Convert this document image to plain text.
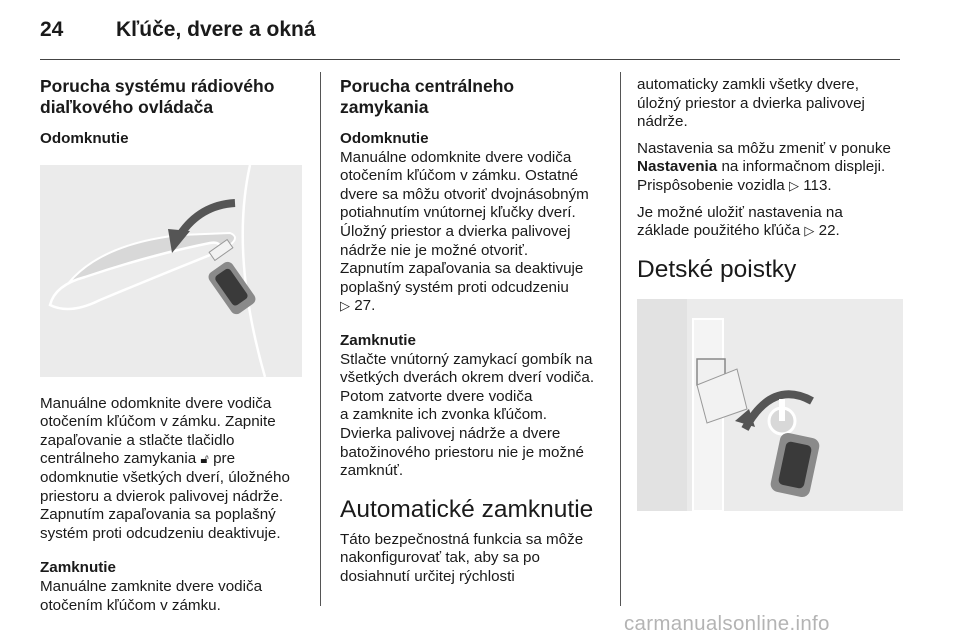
24	Kľúče, dvere a okná
Porucha systému rádiového
diaľkového ovládača
Odomknutie
Manuálne odomknite dvere vodiča
otočením kľúčom v zámku. Zapnite
zapaľovanie a stlačte tlačidlo
centrálneho zamykania 🔓︎ pre
odomknutie všetkých dverí, úložného
priestoru a dvierok palivovej nádrže.
Zapnutím zapaľovania sa poplašný
systém proti odcudzeniu deaktivuje.
Zamknutie
Manuálne zamknite dvere vodiča
otočením kľúčom v zámku.
Porucha centrálneho
zamykania
Odomknutie
Manuálne odomknite dvere vodiča
otočením kľúčom v zámku. Ostatné
dvere sa môžu otvoriť dvojnásobným
potiahnutím vnútornej kľučky dverí.
Úložný priestor a dvierka palivovej
nádrže nie je možné otvoriť.
Zapnutím zapaľovania sa deaktivuje
poplašný systém proti odcudzeniu
▷ 27.
Zamknutie
Stlačte vnútorný zamykací gombík na
všetkých dverách okrem dverí vodiča.
Potom zatvorte dvere vodiča
a zamknite ich zvonka kľúčom.
Dvierka palivovej nádrže a dvere
batožinového priestoru nie je možné
zamknúť.
Automatické zamknutie
Táto bezpečnostná funkcia sa môže
nakonfigurovať tak, aby sa po
dosiahnutí určitej rýchlosti
automaticky zamkli všetky dvere,
úložný priestor a dvierka palivovej
nádrže.
Nastavenia sa môžu zmeniť v ponuke
Nastavenia na informačnom displeji.
Prispôsobenie vozidla ▷ 113.
Je možné uložiť nastavenia na
základe použitého kľúča ▷ 22.
Detské poistky
carmanualsonline.info
